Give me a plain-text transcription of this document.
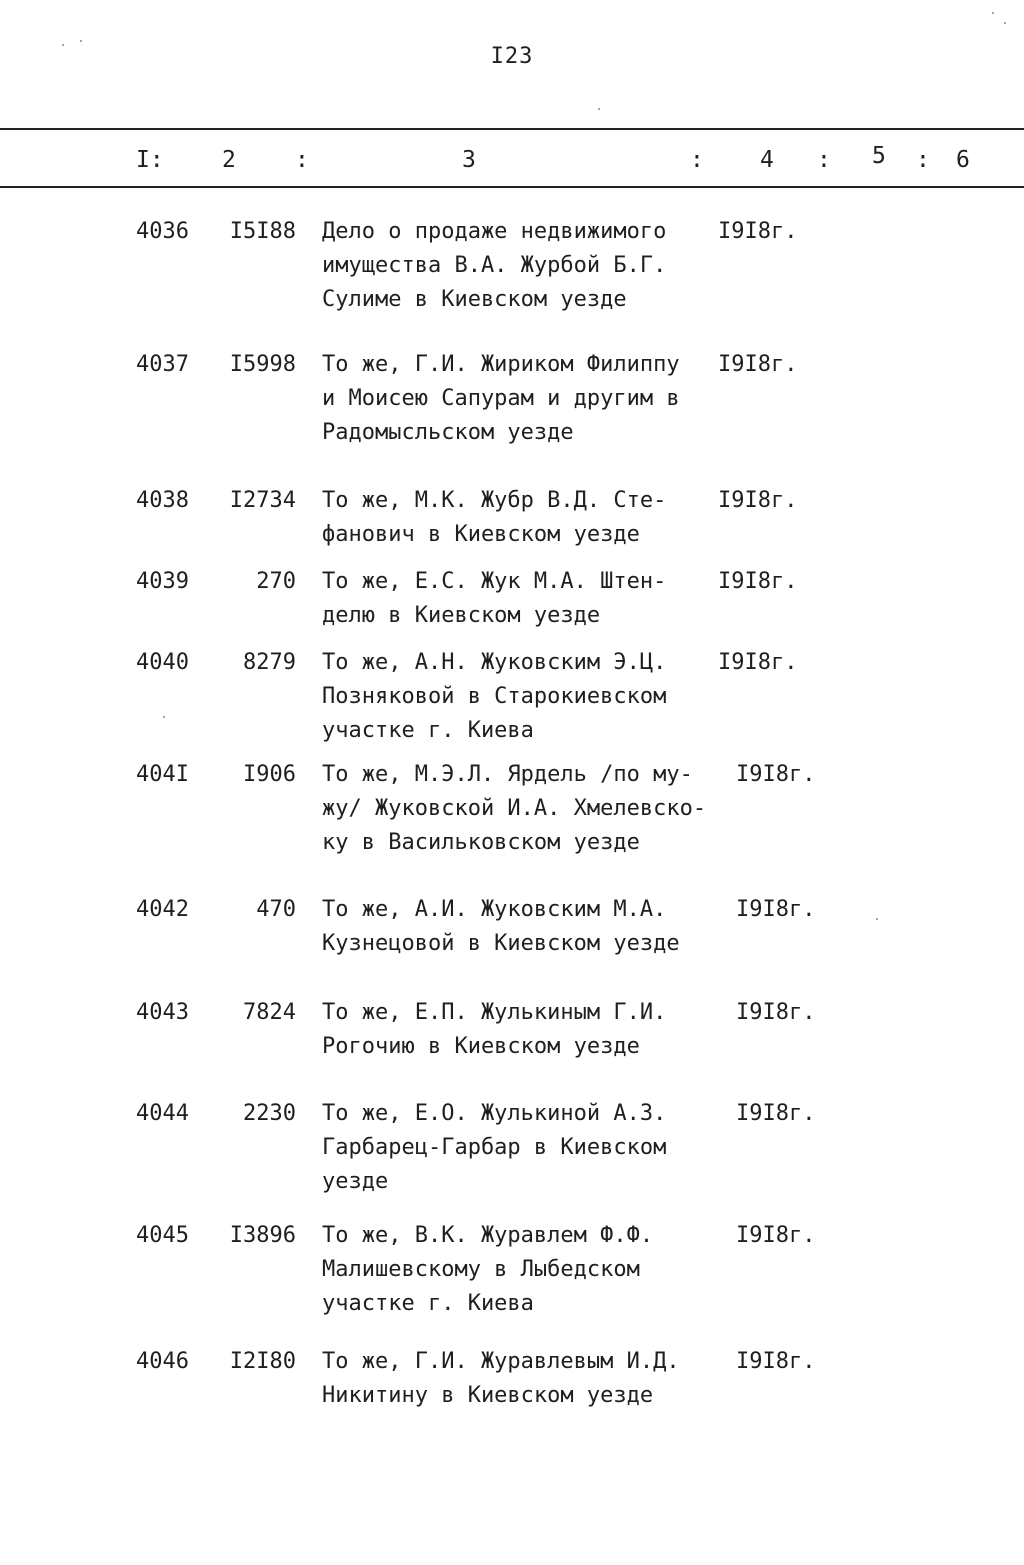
I23
I:	2	:	3	: 4 : 5 : 6
4036	I5I88 Дело о продаже недвижимого
имущества В.А. Журбой Б.Г.
Сулиме в Киевском уезде
I9I8г.
4037	I5998 То же, Г.И. Жириком Филиппу
и Моисею Сапурам и другим в
Радомысльском уезде
I9I8г.
4038	I2734 То же, М.К. Жубр В.Д. Сте-
фанович в Киевском уезде
I9I8г.
4039	270 То же, Е.С. Жук М.А. Штен-
делю в Киевском уезде
I9I8г.
4040	8279 То же, А.Н. Жуковским Э.Ц.
Позняковой в Старокиевском
участке г. Киева
I9I8г.
404I	I906 То же, М.Э.Л. Ярдель /по му-
жу/ Жуковской И.А. Хмелевско-
ку в Васильковском уезде
I9I8г.
4042	470 То же, А.И. Жуковским М.А.
Кузнецовой в Киевском уезде
I9I8г.
4043	7824 То же, Е.П. Жулькиным Г.И.
Рогочию в Киевском уезде
I9I8г.
4044	2230 То же, Е.О. Жулькиной А.З.
Гарбарец-Гарбар в Киевском
уезде
I9I8г.
4045	I3896 То же, В.К. Журавлем Ф.Ф.
Малишевскому в Лыбедском
участке г. Киева
I9I8г.
4046	I2I80 То же, Г.И. Журавлевым И.Д.
Никитину в Киевском уезде
I9I8г.
